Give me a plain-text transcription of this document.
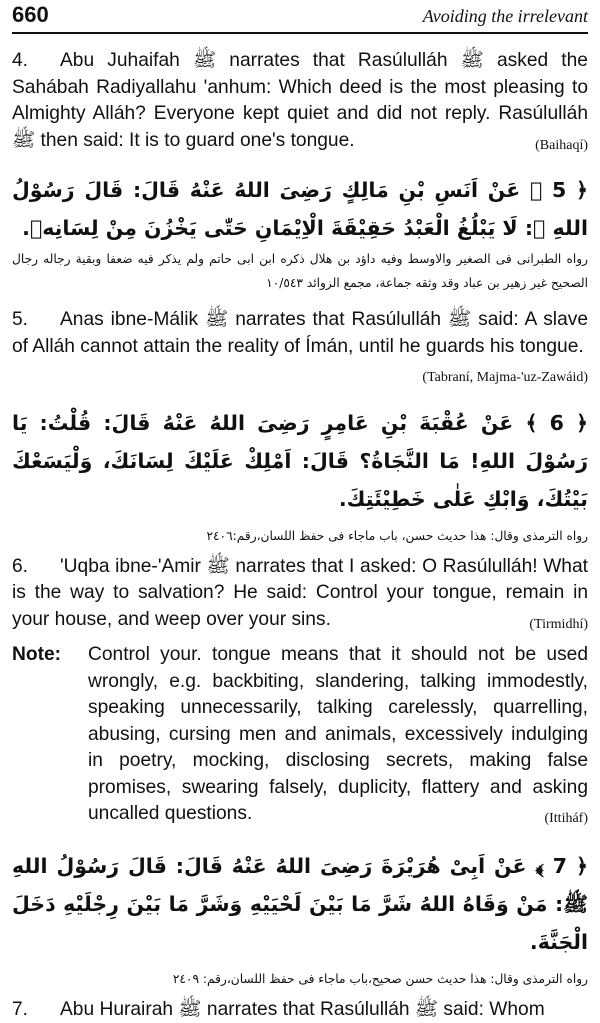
660	Avoiding the irrelevant

4. Abu Juhaifah ﷺ narrates that Rasúlulláh ﷺ asked the Sahábah Radiyallahu 'anhum: Which deed is the most pleasing to Almighty Alláh? Everyone kept quiet and did not reply. Rasúlulláh ﷺ then said: It is to guard one's tongue.	(Baihaqí)

﴿ 5 ﴾ عَنْ اَنَسِ بْنِ مَالِكٍ رَضِىَ اللهُ عَنْهُ قَالَ: قَالَ رَسُوْلُ اللهِ ﷺ: لَا يَبْلُغُ الْعَبْدُ حَقِيْقَةَ الْاِيْمَانِ حَتّٰى يَخْزُنَ مِنْ لِسَانِهٖ.

رواه الطبرانى فى الصغير والاوسط وفيه داؤد بن هلال ذكره ابن ابى حاتم ولم يذكر فيه ضعفا وبقية رجاله رجال الصحيح غير زهير بن عباد وقد وثقه جماعة، مجمع الزوائد ١٠/٥٤٣

5. Anas ibne-Málik ﷺ narrates that Rasúlulláh ﷺ said: A slave of Alláh cannot attain the reality of Ímán, until he guards his tongue.
(Tabraní, Majma-'uz-Zawáid)

﴿ 6 ﴾ عَنْ عُقْبَةَ بْنِ عَامِرٍ رَضِىَ اللهُ عَنْهُ قَالَ: قُلْتُ: يَا رَسُوْلَ اللهِ! مَا النَّجَاةُ؟ قَالَ: اَمْلِكْ عَلَيْكَ لِسَانَكَ، وَلْيَسَعْكَ بَيْتُكَ، وَابْكِ عَلٰى خَطِيْئَتِكَ.

رواه الترمذى وقال: هذا حديث حسن، باب ماجاء فى حفظ اللسان،رقم:٢٤٠٦

6. 'Uqba ibne-'Amir ﷺ narrates that I asked: O Rasúlulláh! What is the way to salvation? He said: Control your tongue, remain in your house, and weep over your sins.	(Tirmidhí)

Note:	Control your. tongue means that it should not be used wrongly, e.g. backbiting, slandering, talking immodestly, speaking unnecessarily, talking carelessly, quarrelling, abusing, cursing men and animals, excessively indulging in poetry, mocking, disclosing secrets, making false promises, swearing falsely, duplicity, flattery and asking uncalled questions.	(Ittiháf)

﴿ 7 ﴾ عَنْ اَبِىْ هُرَيْرَةَ رَضِىَ اللهُ عَنْهُ قَالَ: قَالَ رَسُوْلُ اللهِ ﷺ: مَنْ وَقَاهُ اللهُ شَرَّ مَا بَيْنَ لَحْيَيْهِ وَشَرَّ مَا بَيْنَ رِجْلَيْهِ دَخَلَ الْجَنَّةَ.

رواه الترمذى وقال: هذا حديث حسن صحيح،باب ماجاء فى حفظ اللسان،رقم: ٢٤٠٩

7. Abu Hurairah ﷺ narrates that Rasúlulláh ﷺ said: Whom
